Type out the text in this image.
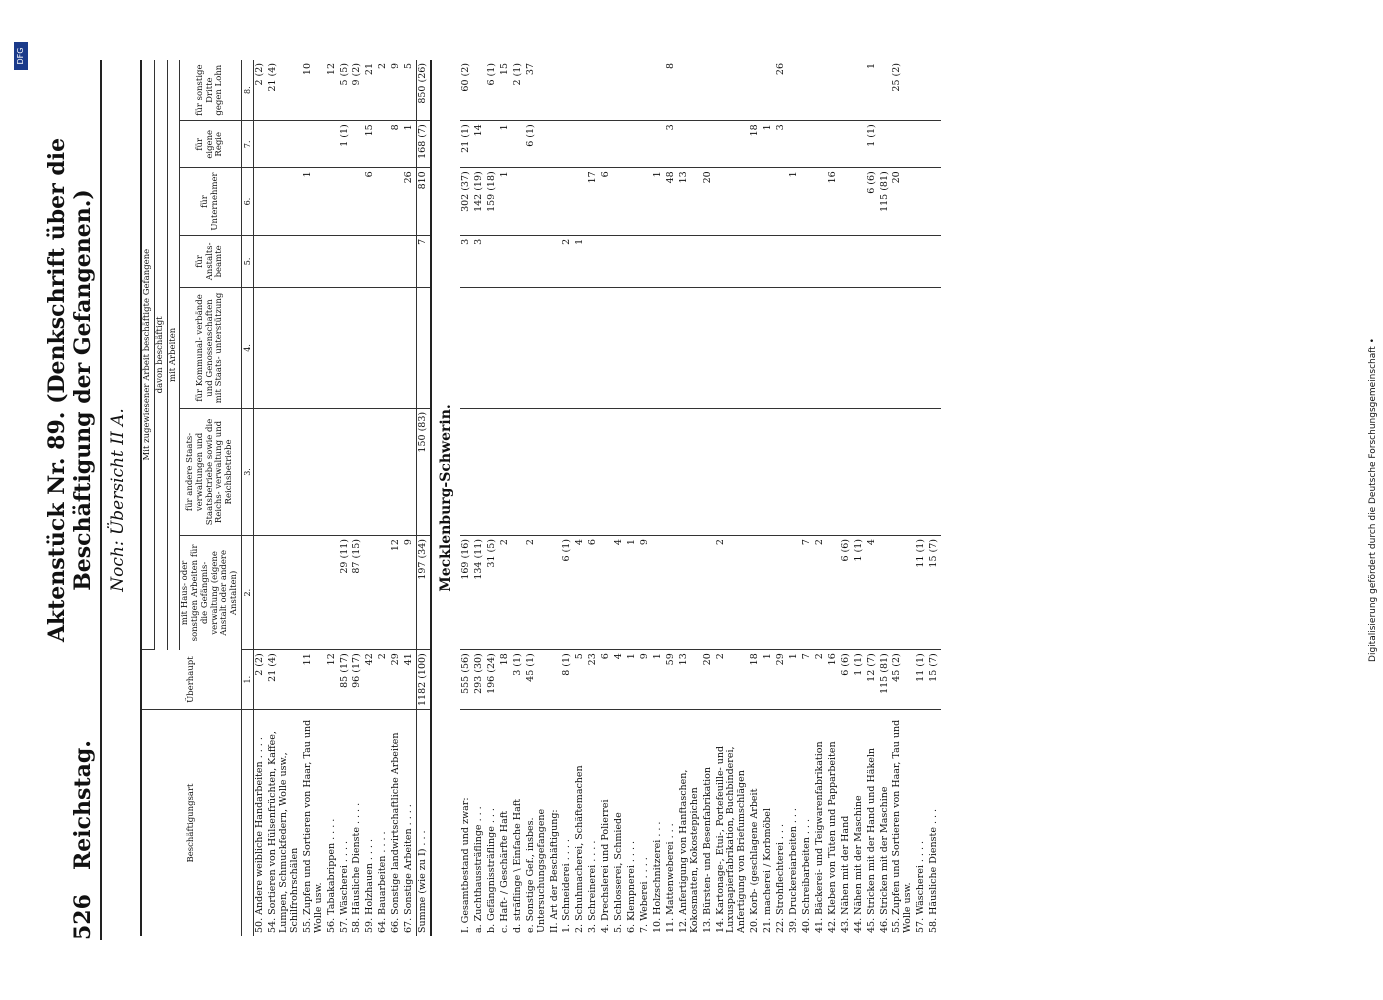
526
Reichstag.
Aktenstück Nr. 89. (Denkschrift über die Beschäftigung der Gefangenen.) Noch: Übersicht II A.
Beschäftigungsart	Überhaupt	Mit zugewiesener Arbeit beschäftigte Gefangene						
		davon beschäftigt						
		mit Arbeiten						
		mit Haus- oder sonstigen Arbeiten für die Gefängnis- verwaltung (eigene Anstalt oder andere Anstalten)	für andere Staats- verwaltungen und Staatsbetriebe sowie die Reichs- verwaltung und Reichsbetriebe	für Kommunal- verbände und Genossenschaften mit Staats- unterstützung	für Anstalts- beamte	für Unternehmer	für eigene Regie	für sonstige Dritte gegen Lohn
	1.	2.	3.	4.	5.	6.	7.	8.
50. Andere weibliche Handarbeiten . . . .	2 (2)							2 (2)
54. Sortieren von Hülsenfrüchten, Kaffee, Lumpen, Schmuckfedern, Wolle usw., Schilfrohrschälen	21 (4)							21 (4)
55. Zupfen und Sortieren von Haar, Tau und Wolle usw.	11					1		10
56. Tabakabrippen . . . .	12							12
57. Wäscherei . . . .	85 (17)	29 (11)					1 (1)	5 (5)
58. Häusliche Dienste . . . .	96 (17)	87 (15)						9 (2)
59. Holzhauen . . . .	42					6	15	21
64. Bauarbeiten . . . .	2							2
66. Sonstige landwirtschaftliche Arbeiten	29	12					8	9
67. Sonstige Arbeiten . . . .	41	9				26	1	5
Summe (wie zu I) . . .	1182 (100)	197 (34)	150 (83)		7	810	168 (7)	850 (26)
Mecklenburg-Schwerin.								
I. Gesamtbestand und zwar:	555 (56)	169 (16)			3	302 (37)	21 (1)	60 (2)
a. Zuchthaussträflinge . . .	293 (30)	134 (11)			3	142 (19)	14	
b. Gefängnissträflinge . . .	196 (24)	31 (5)				159 (18)		6 (1)
c. Haft- / Geschärfte Haft	18	2				1	1	15
d. sträflinge \ Einfache Haft	3 (1)							2 (1)
e. Sonstige Gef., insbes. Untersuchungsgefangene	45 (1)	2					6 (1)	37
II. Art der Beschäftigung:								
1. Schneiderei . . . .	8 (1)	6 (1)			2			
2. Schuhmacherei, Schäftemachen	5	4			1			
3. Schreinerei . . . .	23	6				17		
4. Drechslerei und Polierrei	6					6		
5. Schlosserei, Schmiede	4	4						
6. Klempnerei . . . .	1	1						
7. Weberei . . . .	9	9						
10. Holzschnitzerei . . .	1					1		
11. Mattenweberei . . .	59					48	3	8
12. Anfertigung von Hanftaschen, Kokosmatten, Kokosteppichen	13					13		
13. Bürsten- und Besenfabrikation	20					20		
14. Kartonage-, Etui-, Portefeuille- und Luxuspapierfabrikation, Buchbinderei, Anfertigung von Briefumschlägen	2	2						
20. Korb- (geschlagene Arbeit	18						18	
21. macherei / Korbmöbel	1						1	
22. Strohflechterei . . .	29						3	26
39. Druckereiarbeiten . . .	1					1		
40. Schreibarbeiten . . .	7	7						
41. Bäckerei- und Teigwarenfabrikation	2	2						
42. Kleben von Tüten und Papparbeiten	16					16		
43. Nähen mit der Hand	6 (6)	6 (6)						
44. Nähen mit der Maschine	1 (1)	1 (1)						
45. Stricken mit der Hand und Häkeln	12 (7)	4				6 (6)	1 (1)	1
46. Stricken mit der Maschine	115 (81)					115 (81)		
55. Zupfen und Sortieren von Haar, Tau und Wolle usw.	45 (2)					20		25 (2)
57. Wäscherei . . . .	11 (1)	11 (1)						
58. Häusliche Dienste . . .	15 (7)	15 (7)							Digitalisierung gefördert durch die Deutsche Forschungsgemeinschaft •
DFG
